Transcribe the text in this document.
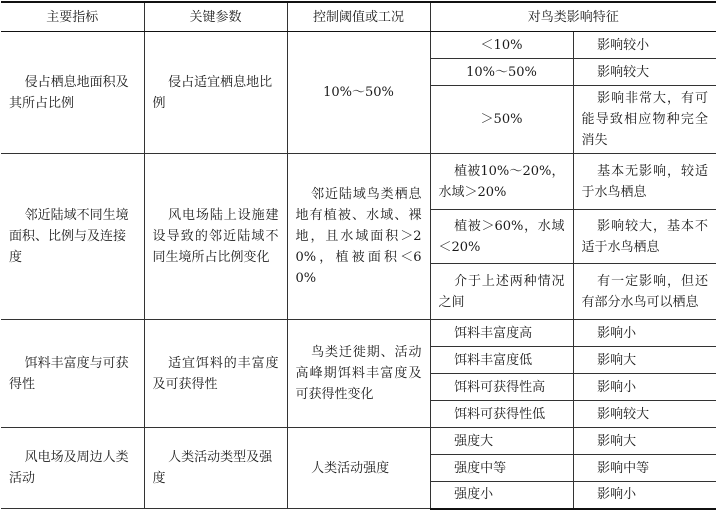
主要指标	关键参数	控制阈值或工况	对鸟类影响特征	
侵占栖息地面积及其所占比例	侵占适宜栖息地比例	10%～50%	＜10%	影响较小
			10%～50%	影响较大
			＞50%	影响非常大，有可能导致相应物种完全消失
邻近陆域不同生境面积、比例与及连接度	风电场陆上设施建设导致的邻近陆域不同生境所占比例变化	邻近陆域鸟类栖息地有植被、水域、裸地，且水域面积＞20%，植被面积＜60%	植被10%～20%，水域＞20%	基本无影响，较适于水鸟栖息
			植被＞60%，水域＜20%	影响较大，基本不适于水鸟栖息
			介于上述两种情况之间	有一定影响，但还有部分水鸟可以栖息
饵料丰富度与可获得性	适宜饵料的丰富度及可获得性	鸟类迁徙期、活动高峰期饵料丰富度及可获得性变化	饵料丰富度高	影响小
			饵料丰富度低	影响大
			饵料可获得性高	影响小
			饵料可获得性低	影响较大
风电场及周边人类活动	人类活动类型及强度	人类活动强度	强度大	影响大
			强度中等	影响中等
			强度小	影响小
